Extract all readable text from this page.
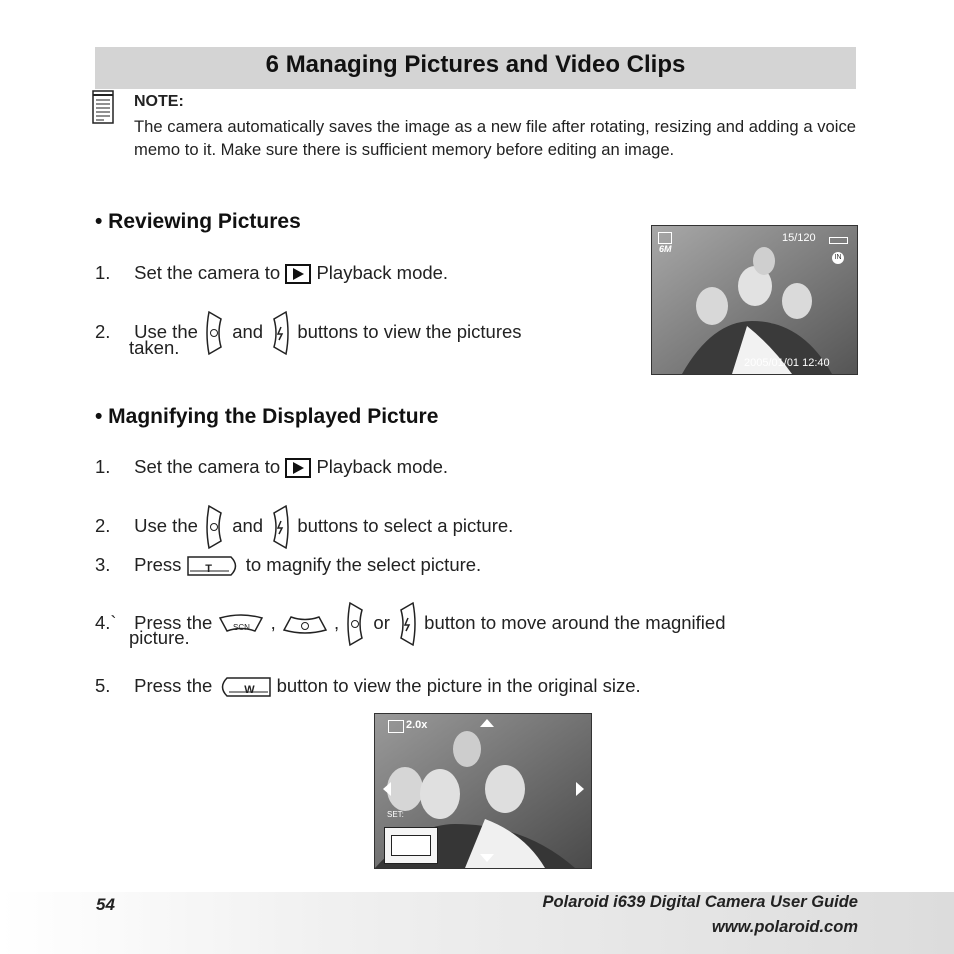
6 Managing Pictures and Video Clips
NOTE:
The camera automatically saves the image as a new file after rotating, resizing and adding a voice memo to it. Make sure there is sufficient memory before editing an image.
• Reviewing Pictures
1. Set the camera to Playback mode.
2. Use the and buttons to view the pictures
taken.
6M
15/120
IN
2005/01/01 12:40
• Magnifying the Displayed Picture
1. Set the camera to Playback mode.
2. Use the and buttons to select a picture.
3. Press	T	to magnify the select picture.
4.` Press the	SCN	,	, or button to move around the magnified
picture.
5. Press the	W	button to view the picture in the original size.
2.0x
SET:
54	Polaroid i639 Digital Camera User Guide
www.polaroid.com
